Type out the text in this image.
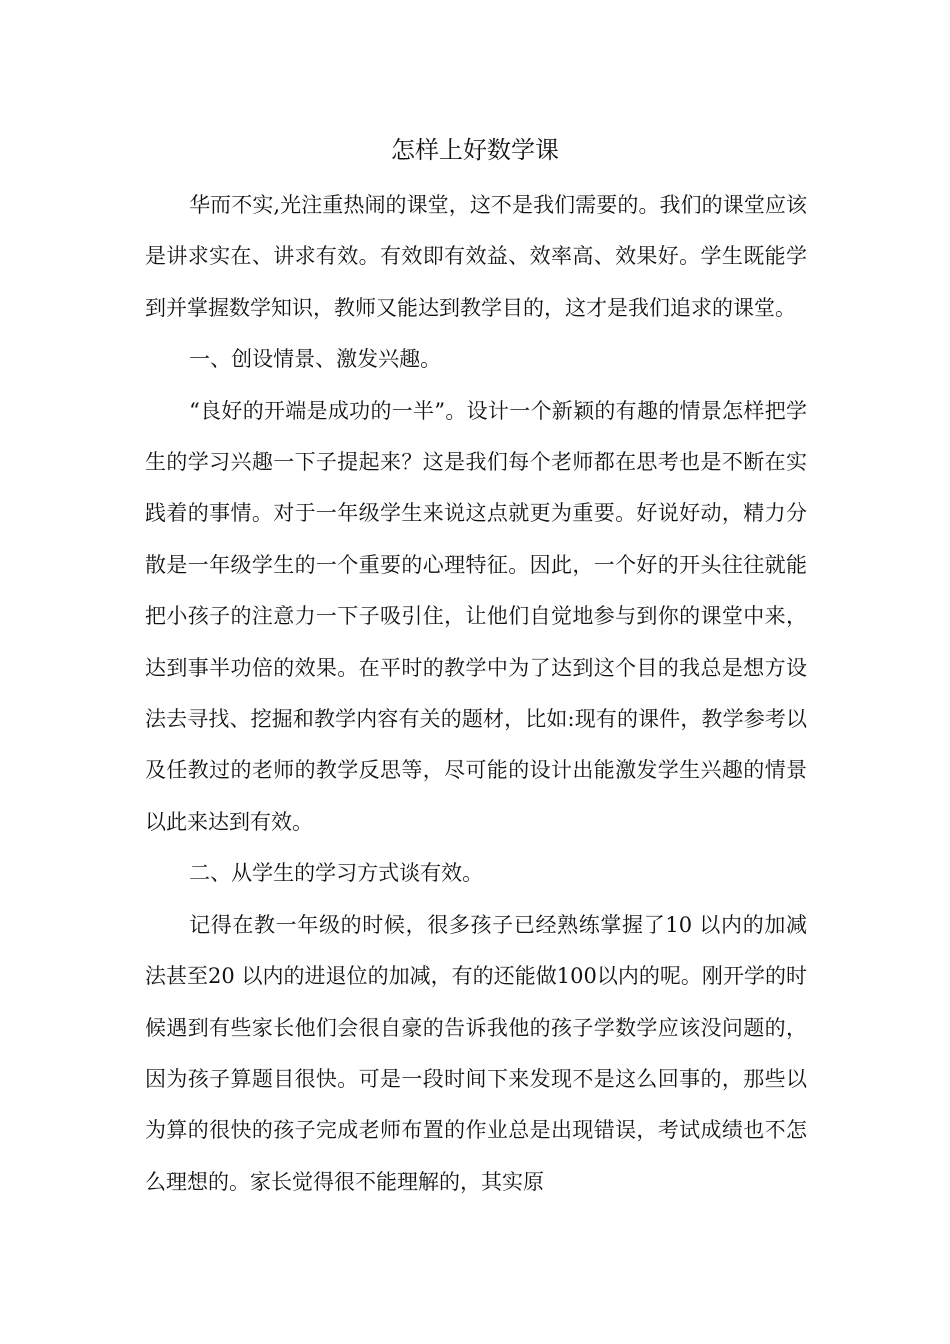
怎样上好数学课

华而不实,光注重热闹的课堂，这不是我们需要的。我们的课堂应该是讲求实在、讲求有效。有效即有效益、效率高、效果好。学生既能学到并掌握数学知识，教师又能达到教学目的，这才是我们追求的课堂。

一、创设情景、激发兴趣。

“良好的开端是成功的一半”。设计一个新颖的有趣的情景怎样把学生的学习兴趣一下子提起来？这是我们每个老师都在思考也是不断在实践着的事情。对于一年级学生来说这点就更为重要。好说好动，精力分散是一年级学生的一个重要的心理特征。因此，一个好的开头往往就能把小孩子的注意力一下子吸引住，让他们自觉地参与到你的课堂中来，达到事半功倍的效果。在平时的教学中为了达到这个目的我总是想方设法去寻找、挖掘和教学内容有关的题材，比如:现有的课件，教学参考以及任教过的老师的教学反思等，尽可能的设计出能激发学生兴趣的情景以此来达到有效。

二、从学生的学习方式谈有效。

记得在教一年级的时候，很多孩子已经熟练掌握了10 以内的加减法甚至20 以内的进退位的加减，有的还能做100以内的呢。刚开学的时候遇到有些家长他们会很自豪的告诉我他的孩子学数学应该没问题的，因为孩子算题目很快。可是一段时间下来发现不是这么回事的，那些以为算的很快的孩子完成老师布置的作业总是出现错误，考试成绩也不怎么理想的。家长觉得很不能理解的，其实原
